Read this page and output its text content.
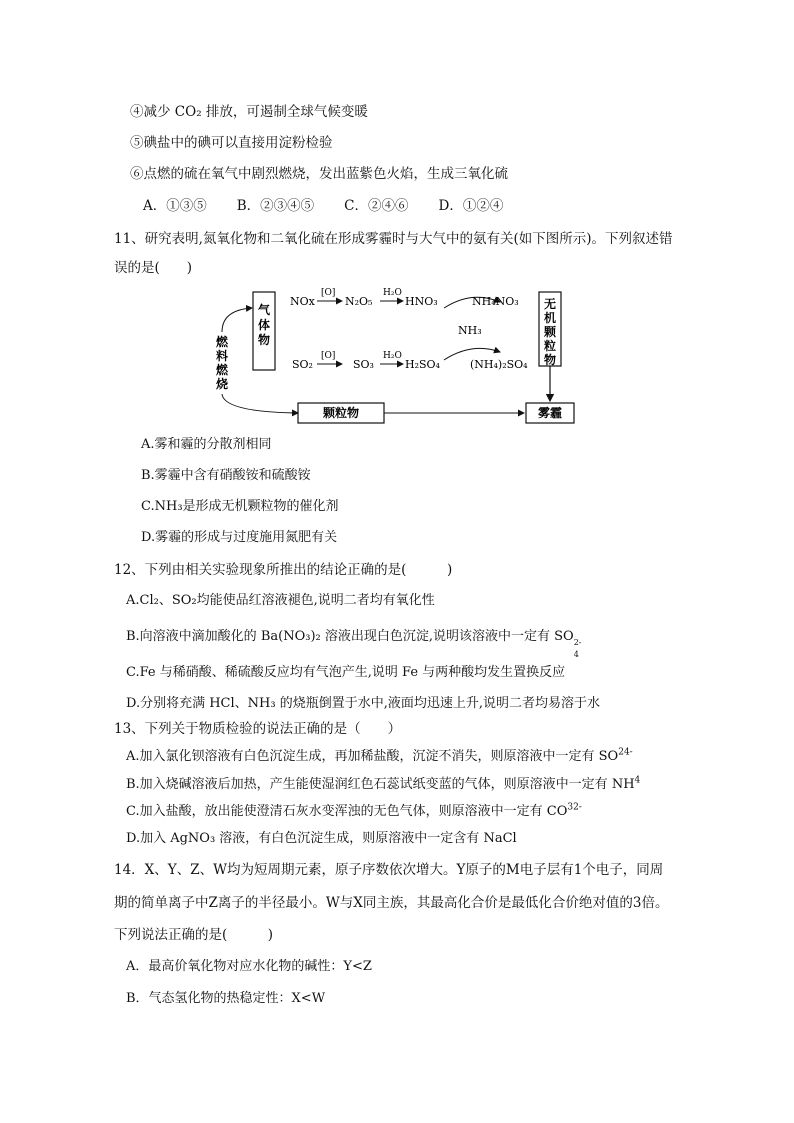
④减少 CO₂ 排放，可遏制全球气候变暖
⑤碘盐中的碘可以直接用淀粉检验
⑥点燃的硫在氧气中剧烈燃烧，发出蓝紫色火焰，生成三氧化硫
A．①③⑤ B．②③④⑤ C．②④⑥ D．①②④
11、研究表明,氮氧化物和二氧化硫在形成雾霾时与大气中的氨有关(如下图所示)。下列叙述错
误的是(　　)
气体物
无机颗粒物
燃料燃烧
NOx
[O]
N₂O₅
H₂O
HNO₃	NH₄NO₃
NH₃
SO₂
[O]
SO₃
H₂O
H₂SO₄	(NH₄)₂SO₄
颗粒物	雾霾
A.雾和霾的分散剂相同
B.雾霾中含有硝酸铵和硫酸铵
C.NH₃是形成无机颗粒物的催化剂
D.雾霾的形成与过度施用氮肥有关
12、下列由相关实验现象所推出的结论正确的是(　　　)
A.Cl₂、SO₂均能使品红溶液褪色,说明二者均有氧化性
B.向溶液中滴加酸化的 Ba(NO₃)₂ 溶液出现白色沉淀,说明该溶液中一定有 SO 2-
4
C.Fe 与稀硝酸、稀硫酸反应均有气泡产生,说明 Fe 与两种酸均发生置换反应
D.分别将充满 HCl、NH₃ 的烧瓶倒置于水中,液面均迅速上升,说明二者均易溶于水
13、下列关于物质检验的说法正确的是（　　）
A.加入氯化钡溶液有白色沉淀生成，再加稀盐酸，沉淀不消失，则原溶液中一定有 $SO^{24-}$
B.加入烧碱溶液后加热，产生能使湿润红色石蕊试纸变蓝的气体，则原溶液中一定有 $NH^4$
C.加入盐酸，放出能使澄清石灰水变浑浊的无色气体，则原溶液中一定有 $CO^{32-}$
D.加入 AgNO₃ 溶液，有白色沉淀生成，则原溶液中一定含有 NaCl
14．X、Y、Z、W均为短周期元素，原子序数依次增大。Y原子的M电子层有1个电子，同周
期的简单离子中Z离子的半径最小。W与X同主族，其最高化合价是最低化合价绝对值的3倍。
下列说法正确的是(　　　)
A．最高价氧化物对应水化物的碱性：Y<Z
B．气态氢化物的热稳定性：X<W
